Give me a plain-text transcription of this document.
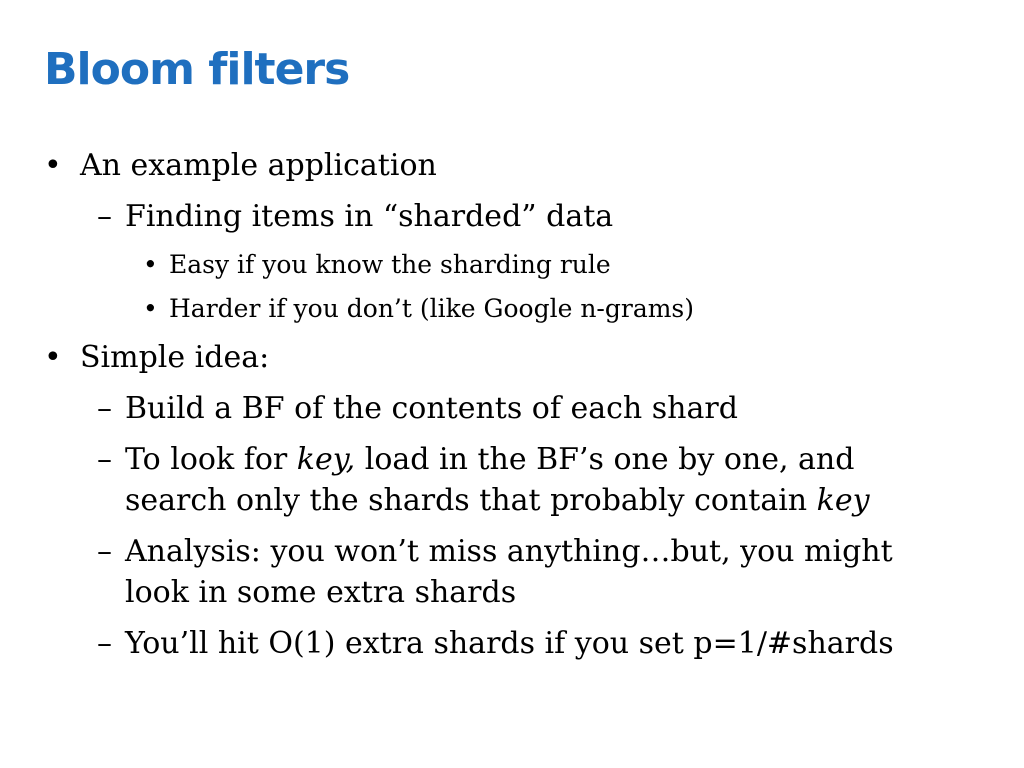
Bloom filters
• An example application
– Finding items in “sharded” data
• Easy if you know the sharding rule
• Harder if you don’t (like Google n-grams)
• Simple idea:
– Build a BF of the contents of each shard
– To look for key, load in the BF’s one by one, and
search only the shards that probably contain key
– Analysis: you won’t miss anything…but, you might
look in some extra shards
– You’ll hit O(1) extra shards if you set p=1/#shards
